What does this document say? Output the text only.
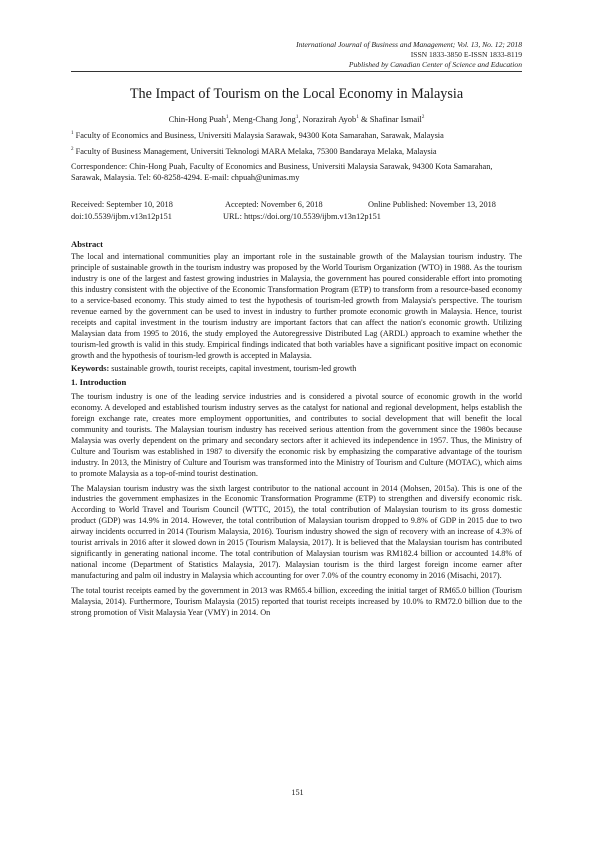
International Journal of Business and Management; Vol. 13, No. 12; 2018
ISSN 1833-3850 E-ISSN 1833-8119
Published by Canadian Center of Science and Education
The Impact of Tourism on the Local Economy in Malaysia
Chin-Hong Puah$^1$, Meng-Chang Jong$^1$, Norazirah Ayob$^1$ & Shafinar Ismail$^2$
$^1$ Faculty of Economics and Business, Universiti Malaysia Sarawak, 94300 Kota Samarahan, Sarawak, Malaysia
$^2$ Faculty of Business Management, Universiti Teknologi MARA Melaka, 75300 Bandaraya Melaka, Malaysia
Correspondence: Chin-Hong Puah, Faculty of Economics and Business, Universiti Malaysia Sarawak, 94300 Kota Samarahan, Sarawak, Malaysia. Tel: 60-8258-4294. E-mail: chpuah@unimas.my
Received: September 10, 2018	Accepted: November 6, 2018	Online Published: November 13, 2018
doi:10.5539/ijbm.v13n12p151	URL: https://doi.org/10.5539/ijbm.v13n12p151
Abstract

The local and international communities play an important role in the sustainable growth of the Malaysian tourism industry. The principle of sustainable growth in the tourism industry was proposed by the World Tourism Organization (WTO) in 1988. As the tourism industry is one of the largest and fastest growing industries in Malaysia, the government has poured considerable effort into promoting this industry consistent with the objective of the Economic Transformation Program (ETP) to transform from a resource-based economy to a service-based economy. This study aimed to test the hypothesis of tourism-led growth from Malaysia's perspective. The tourism revenue earned by the government can be used to invest in industry to further promote economic growth in Malaysia. Hence, tourist receipts and capital investment in the tourism industry are important factors that can affect the nation's economic growth. Utilizing Malaysian data from 1995 to 2016, the study employed the Autoregressive Distributed Lag (ARDL) approach to examine whether the tourism-led growth is valid in this study. Empirical findings indicated that both variables have a significant positive impact on economic growth and the hypothesis of tourism-led growth is accepted in Malaysia.

Keywords: sustainable growth, tourist receipts, capital investment, tourism-led growth
1. Introduction

The tourism industry is one of the leading service industries and is considered a pivotal source of economic growth in the world economy. A developed and established tourism industry serves as the catalyst for national and regional development, helps establish the foreign exchange rate, creates more employment opportunities, and contributes to social development that will benefit the local community and tourists. The Malaysian tourism industry has received serious attention from the government since the 1980s because Malaysia was overly dependent on the primary and secondary sectors after it achieved its independence in 1957. Thus, the Ministry of Culture and Tourism was established in 1987 to diversify the economic risk by emphasizing the comparative advantage of the tourism industry. In 2013, the Ministry of Culture and Tourism was transformed into the Ministry of Tourism and Culture (MOTAC), which aims to promote Malaysia as a top-of-mind tourist destination.

The Malaysian tourism industry was the sixth largest contributor to the national account in 2014 (Mohsen, 2015a). This is one of the industries the government emphasizes in the Economic Transformation Programme (ETP) to strengthen and diversify economic risk. According to World Travel and Tourism Council (WTTC, 2015), the total contribution of Malaysian tourism to its gross domestic product (GDP) was 14.9% in 2014. However, the total contribution of Malaysian tourism dropped to 9.8% of GDP in 2015 due to two airway incidents occurred in 2014 (Tourism Malaysia, 2016). Tourism industry showed the sign of recovery with an increase of 4.3% of tourist arrivals in 2016 after it slowed down in 2015 (Tourism Malaysia, 2017). It is believed that the Malaysian tourism has contributed significantly in generating national income. The total contribution of Malaysian tourism was RM182.4 billion or accounted 14.8% of national income (Department of Statistics Malaysia, 2017). Malaysian tourism is the third largest foreign income earner after manufacturing and palm oil industry in Malaysia which accounting for over 7.0% of the country economy in 2016 (Misachi, 2017).

The total tourist receipts earned by the government in 2013 was RM65.4 billion, exceeding the initial target of RM65.0 billion (Tourism Malaysia, 2014). Furthermore, Tourism Malaysia (2015) reported that tourist receipts increased by 10.0% to RM72.0 billion due to the strong promotion of Visit Malaysia Year (VMY) in 2014. On

151
